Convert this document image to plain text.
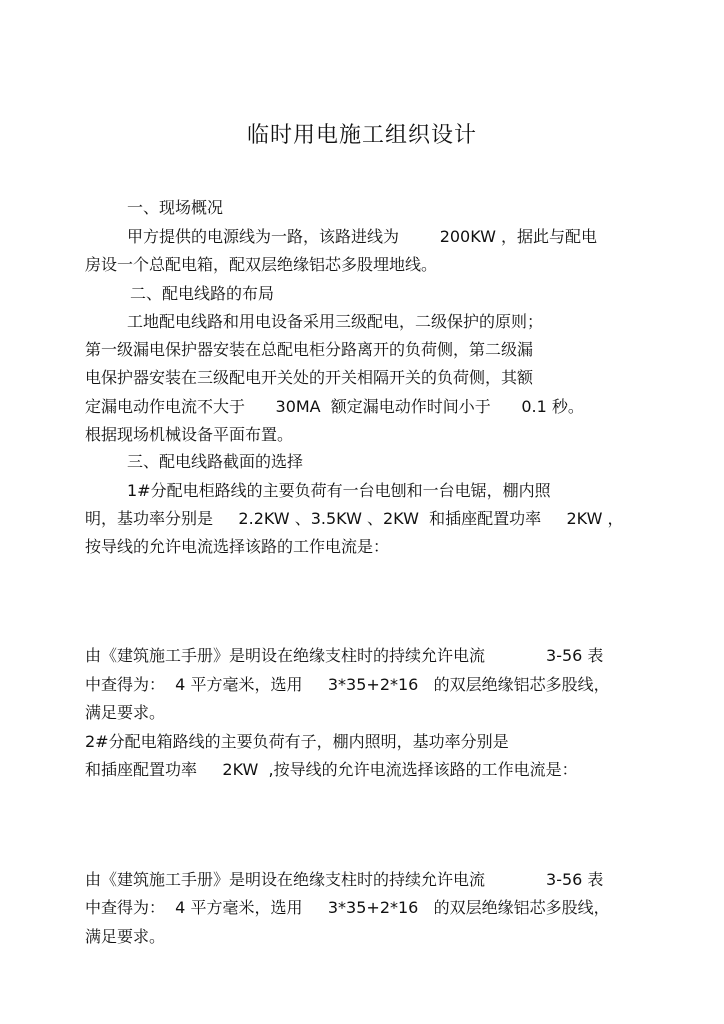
临时用电施工组织设计
一、现场概况
甲方提供的电源线为一路，该路进线为        200KW ，据此与配电
房设一个总配电箱，配双层绝缘铝芯多股埋地线。
二、配电线路的布局
工地配电线路和用电设备采用三级配电，二级保护的原则；
第一级漏电保护器安装在总配电柜分路离开的负荷侧，第二级漏
电保护器安装在三级配电开关处的开关相隔开关的负荷侧，其额
定漏电动作电流不大于      30MA  额定漏电动作时间小于      0.1 秒。
根据现场机械设备平面布置。
三、配电线路截面的选择
1#分配电柜路线的主要负荷有一台电刨和一台电锯，棚内照
明，基功率分别是     2.2KW 、3.5KW 、2KW  和插座配置功率     2KW ，
按导线的允许电流选择该路的工作电流是：
由《建筑施工手册》是明设在绝缘支柱时的持续允许电流            3-56 表
中查得为：  4 平方毫米，选用     3*35+2*16   的双层绝缘铝芯多股线，
满足要求。
2#分配电箱路线的主要负荷有子，棚内照明，基功率分别是
和插座配置功率     2KW  ,按导线的允许电流选择该路的工作电流是：
由《建筑施工手册》是明设在绝缘支柱时的持续允许电流            3-56 表
中查得为：  4 平方毫米，选用     3*35+2*16   的双层绝缘铝芯多股线，
满足要求。
